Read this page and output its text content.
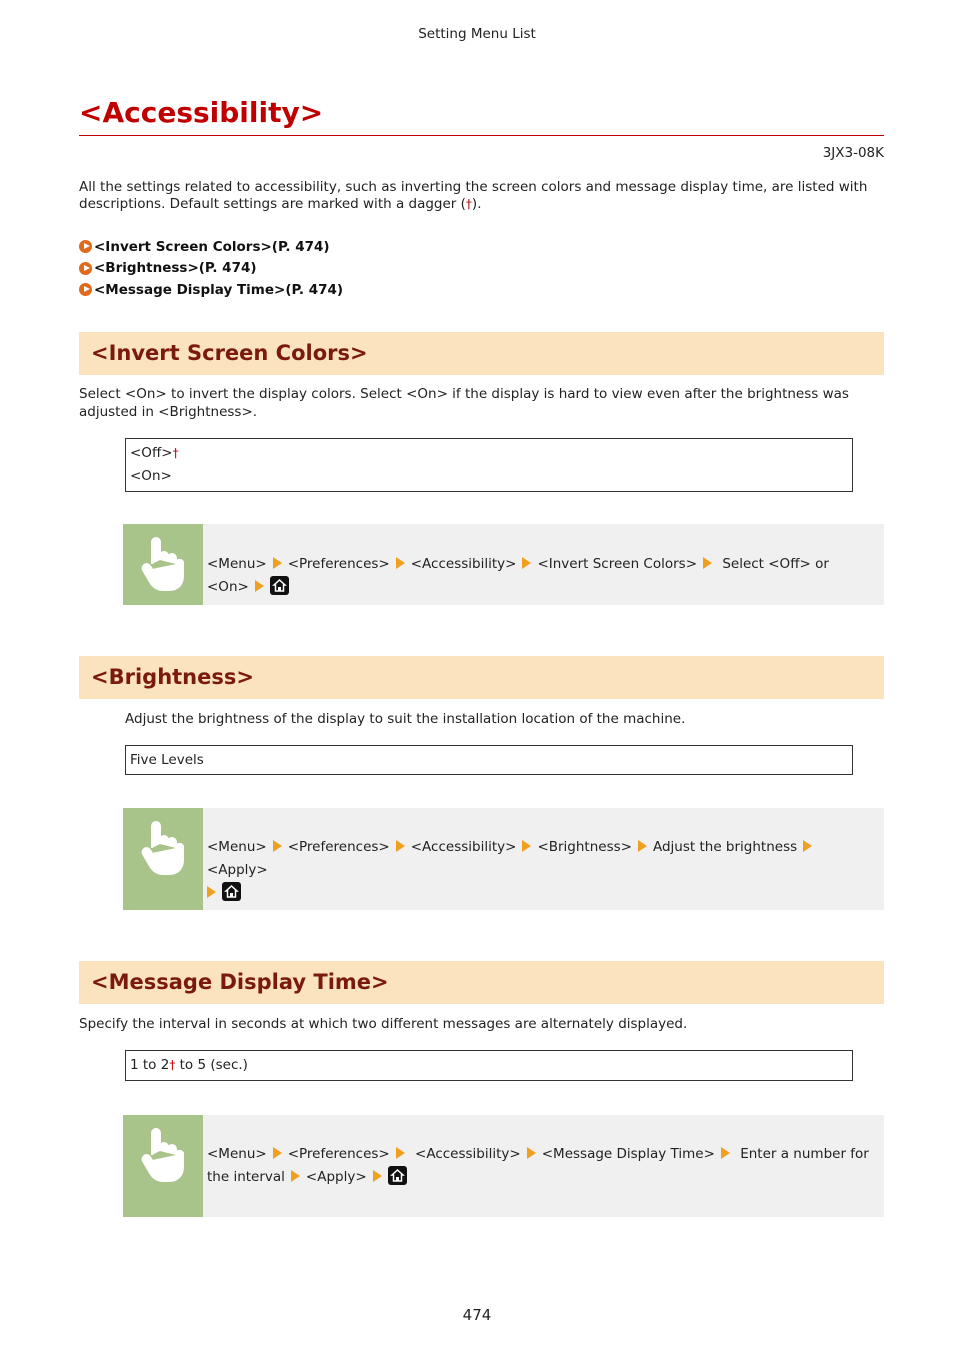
Setting Menu List
<Accessibility>
3JX3-08K

All the settings related to accessibility, such as inverting the screen colors and message display time, are listed with descriptions. Default settings are marked with a dagger (†).

<Invert Screen Colors>(P. 474)
<Brightness>(P. 474)
<Message Display Time>(P. 474)
<Invert Screen Colors>

Select <On> to invert the display colors. Select <On> if the display is hard to view even after the brightness was adjusted in <Brightness>.

<Off>†
<On>
<Menu> <Preferences> <Accessibility> <Invert Screen Colors> Select <Off> or <On>
<Brightness>

Adjust the brightness of the display to suit the installation location of the machine.

Five Levels
<Menu> <Preferences> <Accessibility> <Brightness> Adjust the brightness<Apply>

<Message Display Time>

Specify the interval in seconds at which two different messages are alternately displayed.

1 to 2† to 5 (sec.)
<Menu> <Preferences> <Accessibility> <Message Display Time> Enter a number for the interval <Apply>
474
